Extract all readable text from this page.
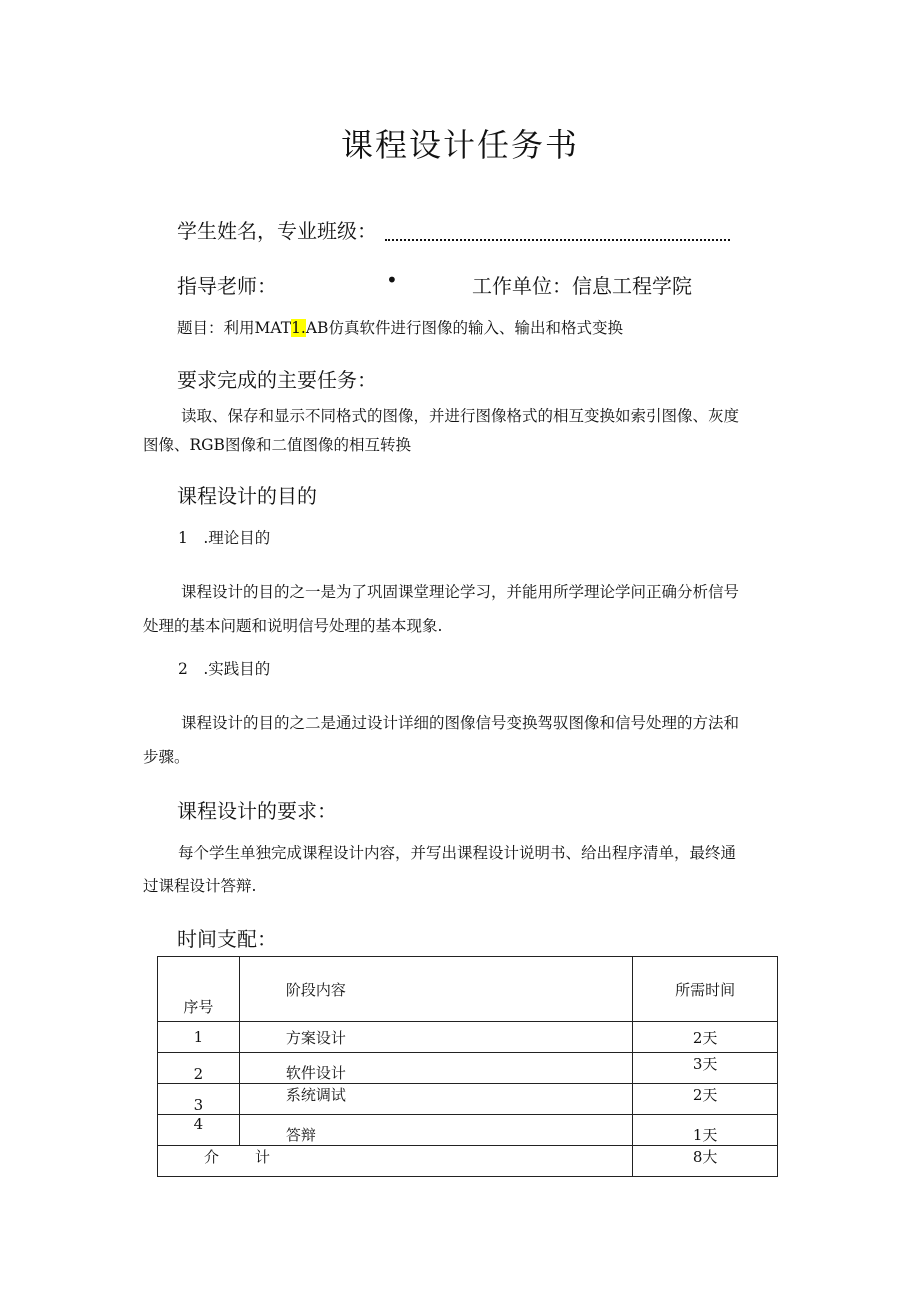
课程设计任务书
学生姓名，专业班级：
指导老师：	•	工作单位：信息工程学院
题目：利用MAT1.AB仿真软件进行图像的输入、输出和格式变换
要求完成的主要任务：
读取、保存和显示不同格式的图像，并进行图像格式的相互变换如索引图像、灰度
图像、RGB图像和二值图像的相互转换
课程设计的目的
1　.理论目的
课程设计的目的之一是为了巩固课堂理论学习，并能用所学理论学问正确分析信号
处理的基本问题和说明信号处理的基本现象.
2　.实践目的
课程设计的目的之二是通过设计详细的图像信号变换驾驭图像和信号处理的方法和
步骤。
课程设计的要求：
每个学生单独完成课程设计内容，并写出课程设计说明书、给出程序清单，最终通
过课程设计答辩.
时间支配：
序号	阶段内容	所需时间
1	方案设计	2天
2	软件设计	3天
3	系统调试	2天
4	答辩	1天
介 计		8大
